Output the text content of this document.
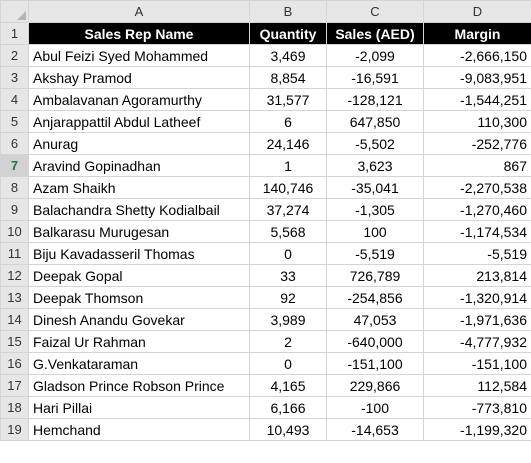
	A	B	C	D
1	Sales Rep Name	Quantity	Sales (AED)	Margin
2	Abul Feizi Syed Mohammed	3,469	-2,099	-2,666,150
3	Akshay Pramod	8,854	-16,591	-9,083,951
4	Ambalavanan Agoramurthy	31,577	-128,121	-1,544,251
5	Anjarappattil Abdul Latheef	6	647,850	110,300
6	Anurag	24,146	-5,502	-252,776
7	Aravind Gopinadhan	1	3,623	867
8	Azam Shaikh	140,746	-35,041	-2,270,538
9	Balachandra Shetty Kodialbail	37,274	-1,305	-1,270,460
10	Balkarasu Murugesan	5,568	100	-1,174,534
11	Biju Kavadasseril Thomas	0	-5,519	-5,519
12	Deepak Gopal	33	726,789	213,814
13	Deepak Thomson	92	-254,856	-1,320,914
14	Dinesh Anandu Govekar	3,989	47,053	-1,971,636
15	Faizal Ur Rahman	2	-640,000	-4,777,932
16	G.Venkataraman	0	-151,100	-151,100
17	Gladson Prince Robson Prince	4,165	229,866	112,584
18	Hari Pillai	6,166	-100	-773,810
19	Hemchand	10,493	-14,653	-1,199,320
